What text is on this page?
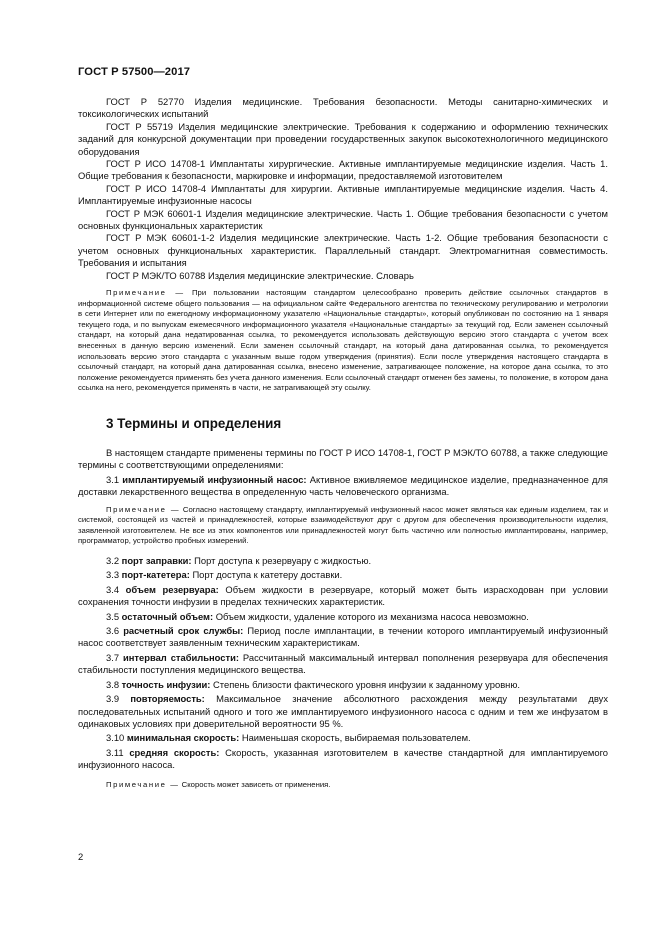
ГОСТ Р 57500—2017

ГОСТ Р 52770 Изделия медицинские. Требования безопасности. Методы санитарно-химических и токсикологических испытаний

ГОСТ Р 55719 Изделия медицинские электрические. Требования к содержанию и оформлению технических заданий для конкурсной документации при проведении государственных закупок высокотехнологичного медицинского оборудования

ГОСТ Р ИСО 14708-1 Имплантаты хирургические. Активные имплантируемые медицинские изделия. Часть 1. Общие требования к безопасности, маркировке и информации, предоставляемой изготовителем

ГОСТ Р ИСО 14708-4 Имплантаты для хирургии. Активные имплантируемые медицинские изделия. Часть 4. Имплантируемые инфузионные насосы

ГОСТ Р МЭК 60601-1 Изделия медицинские электрические. Часть 1. Общие требования безопасности с учетом основных функциональных характеристик

ГОСТ Р МЭК 60601-1-2 Изделия медицинские электрические. Часть 1-2. Общие требования безопасности с учетом основных функциональных характеристик. Параллельный стандарт. Электромагнитная совместимость. Требования и испытания

ГОСТ Р МЭК/ТО 60788 Изделия медицинские электрические. Словарь

Примечание — При пользовании настоящим стандартом целесообразно проверить действие ссылочных стандартов в информационной системе общего пользования — на официальном сайте Федерального агентства по техническому регулированию и метрологии в сети Интернет или по ежегодному информационному указателю «Национальные стандарты», который опубликован по состоянию на 1 января текущего года, и по выпускам ежемесячного информационного указателя «Национальные стандарты» за текущий год. Если заменен ссылочный стандарт, на который дана недатированная ссылка, то рекомендуется использовать действующую версию этого стандарта с учетом всех внесенных в данную версию изменений. Если заменен ссылочный стандарт, на который дана датированная ссылка, то рекомендуется использовать версию этого стандарта с указанным выше годом утверждения (принятия). Если после утверждения настоящего стандарта в ссылочный стандарт, на который дана датированная ссылка, внесено изменение, затрагивающее положение, на которое дана ссылка, то это положение рекомендуется применять без учета данного изменения. Если ссылочный стандарт отменен без замены, то положение, в котором дана ссылка на него, рекомендуется применять в части, не затрагивающей эту ссылку.

3 Термины и определения

В настоящем стандарте применены термины по ГОСТ Р ИСО 14708-1, ГОСТ Р МЭК/ТО 60788, а также следующие термины с соответствующими определениями:

3.1 имплантируемый инфузионный насос: Активное вживляемое медицинское изделие, предназначенное для доставки лекарственного вещества в определенную часть человеческого организма.

Примечание — Согласно настоящему стандарту, имплантируемый инфузионный насос может являться как единым изделием, так и системой, состоящей из частей и принадлежностей, которые взаимодействуют друг с другом для обеспечения производительности изделия, заявленной изготовителем. Не все из этих компонентов или принадлежностей могут быть частично или полностью имплантированы, например, программатор, устройство пробных измерений.

3.2 порт заправки: Порт доступа к резервуару с жидкостью.

3.3 порт-катетера: Порт доступа к катетеру доставки.

3.4 объем резервуара: Объем жидкости в резервуаре, который может быть израсходован при условии сохранения точности инфузии в пределах технических характеристик.

3.5 остаточный объем: Объем жидкости, удаление которого из механизма насоса невозможно.

3.6 расчетный срок службы: Период после имплантации, в течении которого имплантируемый инфузионный насос соответствует заявленным техническим характеристикам.

3.7 интервал стабильности: Рассчитанный максимальный интервал пополнения резервуара для обеспечения стабильности поступления медицинского вещества.

3.8 точность инфузии: Степень близости фактического уровня инфузии к заданному уровню.

3.9 повторяемость: Максимальное значение абсолютного расхождения между результатами двух последовательных испытаний одного и того же имплантируемого инфузионного насоса с одним и тем же инфузатом в одинаковых условиях при доверительной вероятности 95 %.

3.10 минимальная скорость: Наименьшая скорость, выбираемая пользователем.

3.11 средняя скорость: Скорость, указанная изготовителем в качестве стандартной для имплантируемого инфузионного насоса.

Примечание — Скорость может зависеть от применения.

2
